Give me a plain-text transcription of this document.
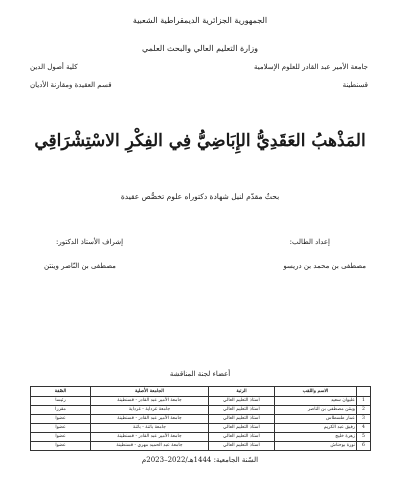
الجمهورية الجزائرية الديمقراطية الشعبية
وزارة التعليم العالي والبحث العلمي
جامعة الأمير عبد القادر للعلوم الإسلامية
قسنطينة
كلية أصول الدين
قسم العقيدة ومقارنة الأديان
المَذْهبُ العَقَدِيُّ الإِبَاضِيُّ فِي الفِكْرِ الاسْتِشْرَاقِي
بحثٌ مقدّم لنيل شهادة دكتوراه علوم تخصُّص عقيدة
إعداد الطالب:
إشراف الأستاذ الدكتور:
مصطفى بن محمد بن دريسو
مصطفى بن النّاصر وينتن
أعضاء لجنة المناقشة
	الاسم واللقب	الرتبة	الجامعة الأصلية	الصّفة
1	عليوان سعيد	أستاذ التعليم العالي	جامعة الأمير عبد القادر - قسنطينة	رئيسا
2	وينتن مصطفى بن الناصر	أستاذ التعليم العالي	جامعة غرداية - غرداية	مقررا
3	عمار طسطاس	أستاذ التعليم العالي	جامعة الأمير عبد القادر - قسنطينة	عضوا
4	رفيق عبد الكريم	أستاذ التعليم العالي	جامعة باتنة - باتنة	عضوا
5	زهرة خليج	أستاذ التعليم العالي	جامعة الأمير عبد القادر - قسنطينة	عضوا
6	نورة بوحناش	أستاذ التعليم العالي	جامعة عبد الحميد مهري - قسنطينة	عضوا
السّنة الجامعية: 1444هـ/2022–2023م
